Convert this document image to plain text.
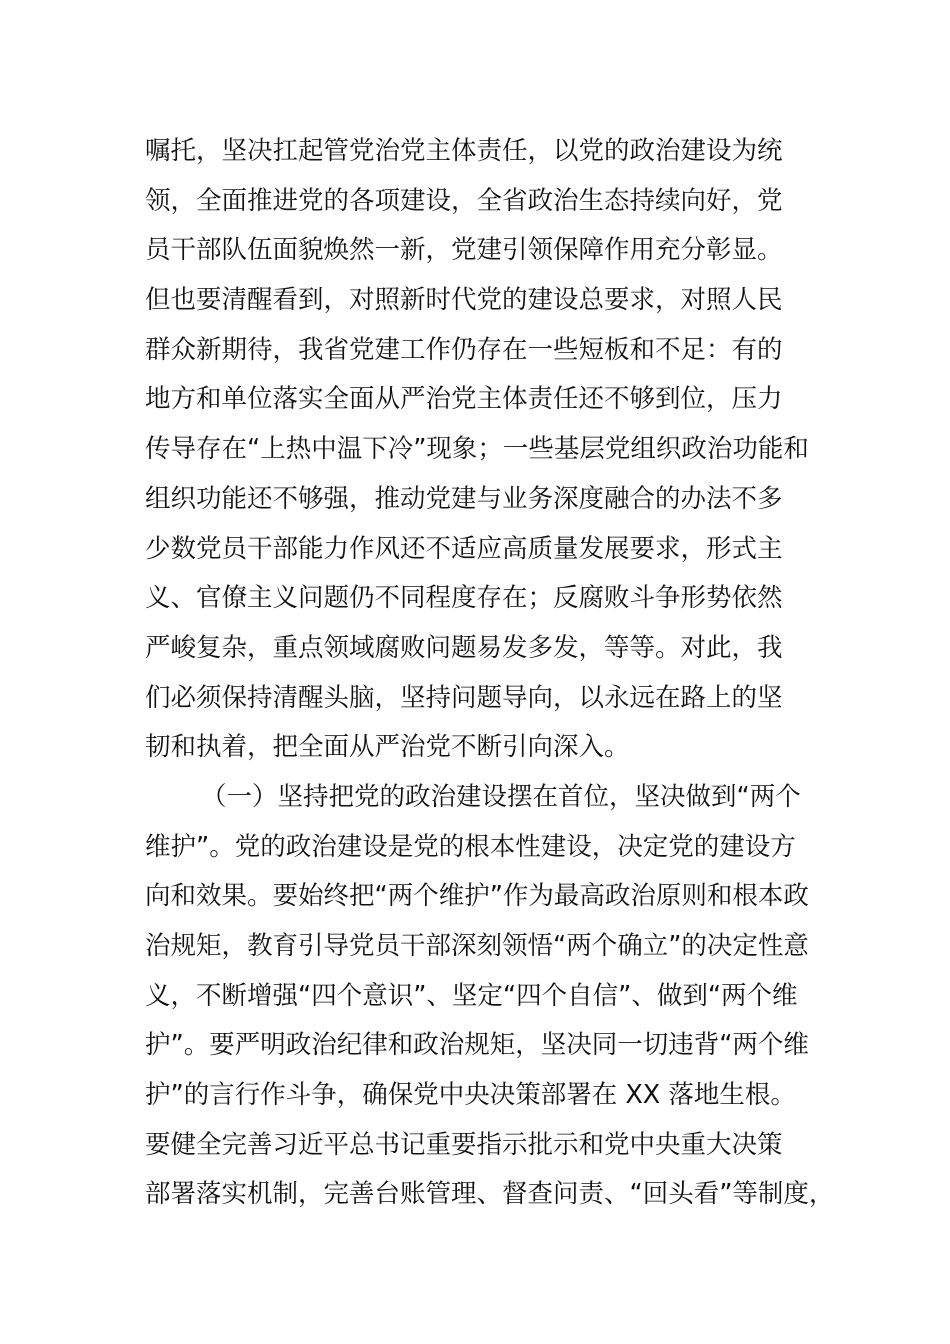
嘱托，坚决扛起管党治党主体责任，以党的政治建设为统
领，全面推进党的各项建设，全省政治生态持续向好，党
员干部队伍面貌焕然一新，党建引领保障作用充分彰显。
但也要清醒看到，对照新时代党的建设总要求，对照人民
群众新期待，我省党建工作仍存在一些短板和不足：有的
地方和单位落实全面从严治党主体责任还不够到位，压力
传导存在“上热中温下冷”现象；一些基层党组织政治功能和
组织功能还不够强，推动党建与业务深度融合的办法不多
少数党员干部能力作风还不适应高质量发展要求，形式主
义、官僚主义问题仍不同程度存在；反腐败斗争形势依然
严峻复杂，重点领域腐败问题易发多发，等等。对此，我
们必须保持清醒头脑，坚持问题导向，以永远在路上的坚
韧和执着，把全面从严治党不断引向深入。
（一）坚持把党的政治建设摆在首位，坚决做到“两个
维护”。党的政治建设是党的根本性建设，决定党的建设方
向和效果。要始终把“两个维护”作为最高政治原则和根本政
治规矩，教育引导党员干部深刻领悟“两个确立”的决定性意
义，不断增强“四个意识”、坚定“四个自信”、做到“两个维
护”。要严明政治纪律和政治规矩，坚决同一切违背“两个维
护”的言行作斗争，确保党中央决策部署在 XX 落地生根。
要健全完善习近平总书记重要指示批示和党中央重大决策
部署落实机制，完善台账管理、督查问责、“回头看”等制度，
